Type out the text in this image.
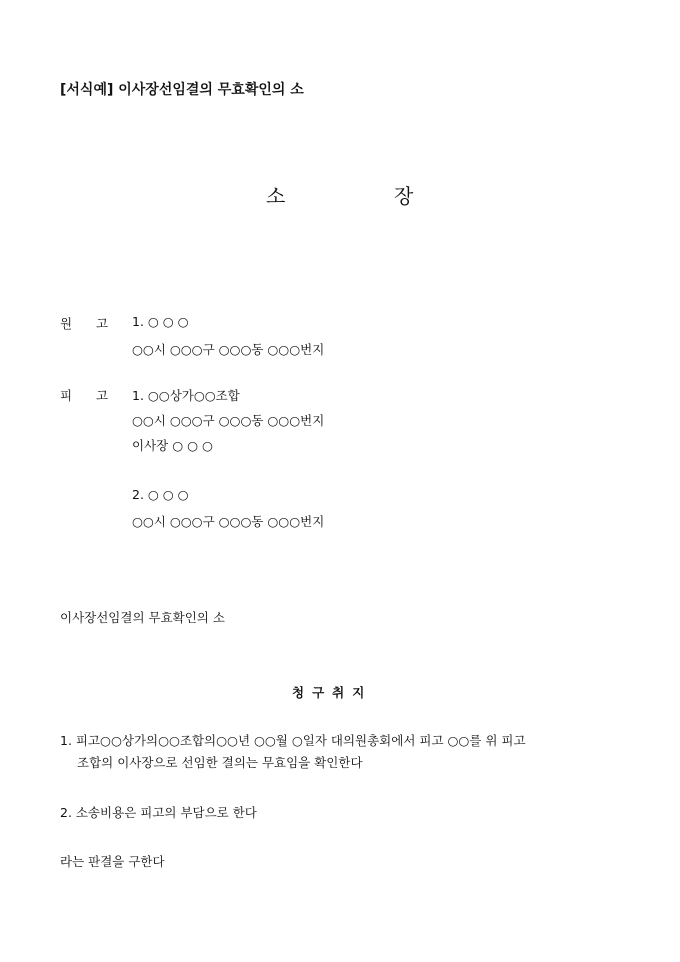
[서식예] 이사장선임결의 무효확인의 소
소	장
원 고	1. ○ ○ ○
○○시 ○○○구 ○○○동 ○○○번지
피 고	1. ○○상가○○조합
○○시 ○○○구 ○○○동 ○○○번지
이사장 ○ ○ ○
2. ○ ○ ○
○○시 ○○○구 ○○○동 ○○○번지
이사장선임결의 무효확인의 소
청 구 취 지
1. 피고○○상가의○○조합의○○년 ○○월 ○일자 대의원총회에서 피고 ○○를 위 피고
조합의 이사장으로 선임한 결의는 무효임을 확인한다
2. 소송비용은 피고의 부담으로 한다
라는 판결을 구한다
